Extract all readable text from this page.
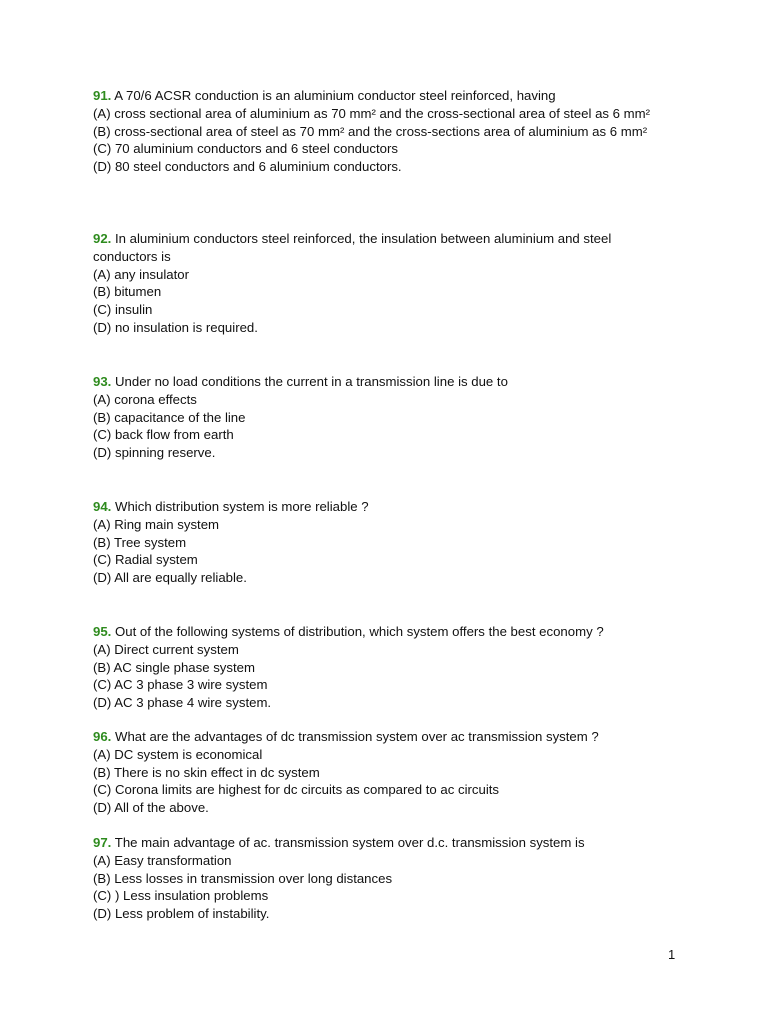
91. A 70/6 ACSR conduction is an aluminium conductor steel reinforced, having

(A) cross sectional area of aluminium as 70 mm² and the cross-sectional area of steel as 6 mm²

(B) cross-sectional area of steel as 70 mm² and the cross-sections area of aluminium as 6 mm²

(C) 70 aluminium conductors and 6 steel conductors

(D) 80 steel conductors and 6 aluminium conductors.

92. In aluminium conductors steel reinforced, the insulation between aluminium and steel conductors is

(A) any insulator

(B) bitumen

(C) insulin

(D) no insulation is required.

93. Under no load conditions the current in a transmission line is due to

(A) corona effects

(B) capacitance of the line

(C) back flow from earth

(D) spinning reserve.

94. Which distribution system is more reliable ?

(A) Ring main system

(B) Tree system

(C) Radial system

(D) All are equally reliable.

95. Out of the following systems of distribution, which system offers the best economy ?

(A) Direct current system

(B) AC single phase system

(C) AC 3 phase 3 wire system

(D) AC 3 phase 4 wire system.

96. What are the advantages of dc transmission system over ac transmission system ?

(A) DC system is economical

(B) There is no skin effect in dc system

(C) Corona limits are highest for dc circuits as compared to ac circuits

(D) All of the above.

97. The main advantage of ac. transmission system over d.c. transmission system is

(A) Easy transformation

(B) Less losses in transmission over long distances

(C) ) Less insulation problems

(D) Less problem of instability.

1
